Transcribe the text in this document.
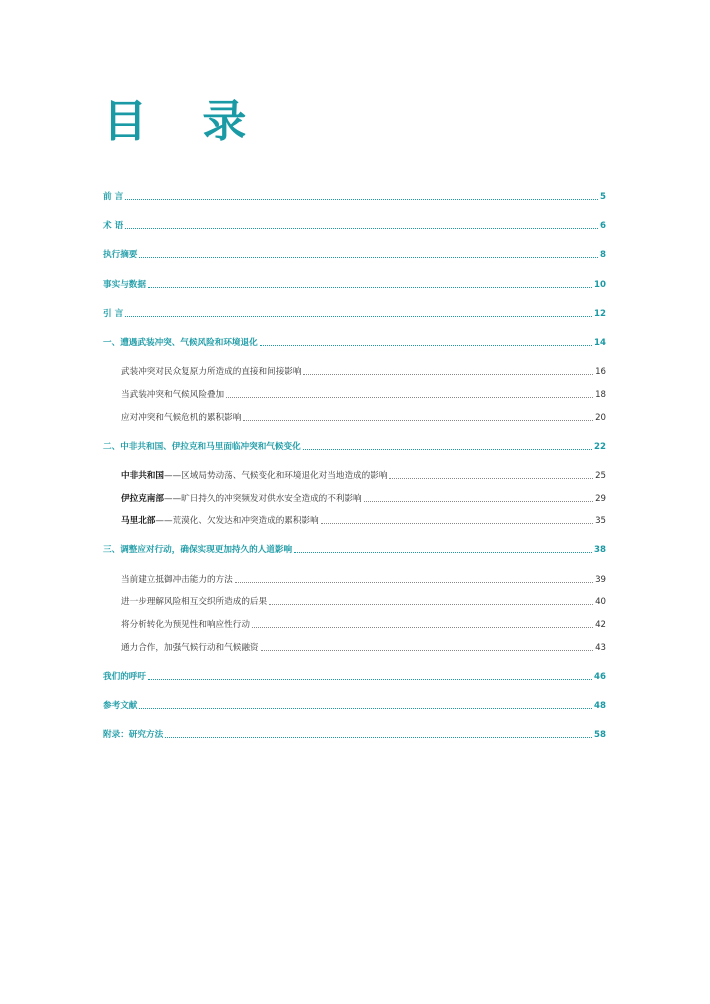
目 录
前 言	5
术 语	6
执行摘要	8
事实与数据	10
引 言	12
一、遭遇武装冲突、气候风险和环境退化	14
武装冲突对民众复原力所造成的直接和间接影响	16
当武装冲突和气候风险叠加	18
应对冲突和气候危机的累积影响	20
二、中非共和国、伊拉克和马里面临冲突和气候变化	22
中非共和国——区域局势动荡、气候变化和环境退化对当地造成的影响	25
伊拉克南部——旷日持久的冲突频发对供水安全造成的不利影响	29
马里北部——荒漠化、欠发达和冲突造成的累积影响	35
三、调整应对行动，确保实现更加持久的人道影响	38
当前建立抵御冲击能力的方法	39
进一步理解风险相互交织所造成的后果	40
将分析转化为预见性和响应性行动	42
通力合作，加强气候行动和气候融资	43
我们的呼吁	46
参考文献	48
附录：研究方法	58
